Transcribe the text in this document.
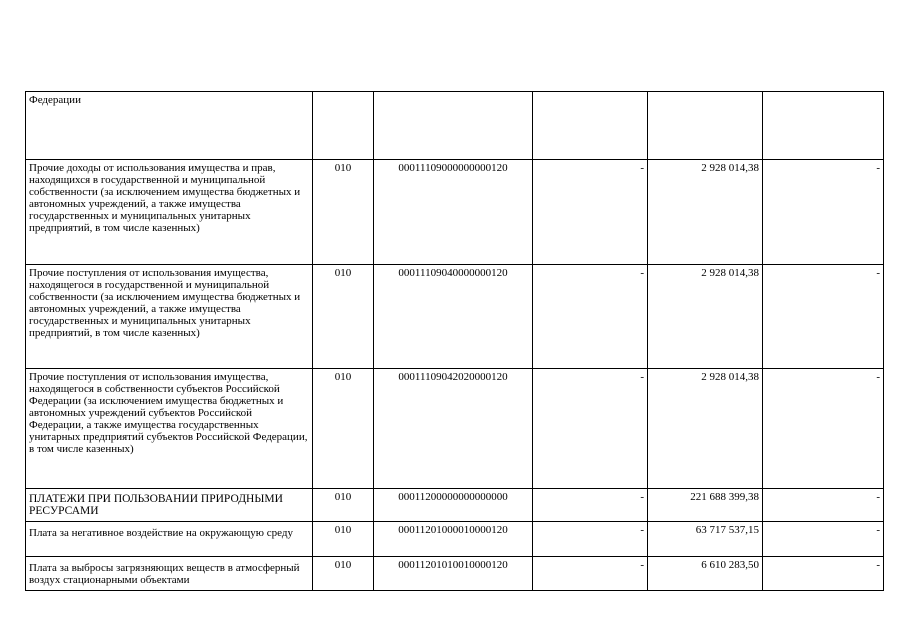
Федерации					
Прочие доходы от использования имущества и прав, находящихся в государственной и муниципальной собственности (за исключением имущества бюджетных и автономных учреждений, а также имущества государственных и муниципальных унитарных предприятий, в том числе казенных)	010	00011109000000000120	-	2 928 014,38	-
Прочие поступления от использования имущества, находящегося в государственной и муниципальной собственности (за исключением имущества бюджетных и автономных учреждений, а также имущества государственных и муниципальных унитарных предприятий, в том числе казенных)	010	00011109040000000120	-	2 928 014,38	-
Прочие поступления от использования имущества, находящегося в собственности субъектов Российской Федерации (за исключением имущества бюджетных и автономных учреждений субъектов Российской Федерации, а также имущества государственных унитарных предприятий субъектов Российской Федерации, в том числе казенных)	010	00011109042020000120	-	2 928 014,38	-
ПЛАТЕЖИ ПРИ ПОЛЬЗОВАНИИ ПРИРОДНЫМИ РЕСУРСАМИ	010	00011200000000000000	-	221 688 399,38	-
Плата за негативное воздействие на окружающую среду	010	00011201000010000120	-	63 717 537,15	-
Плата за выбросы загрязняющих веществ в атмосферный воздух стационарными объектами	010	00011201010010000120	-	6 610 283,50	-
